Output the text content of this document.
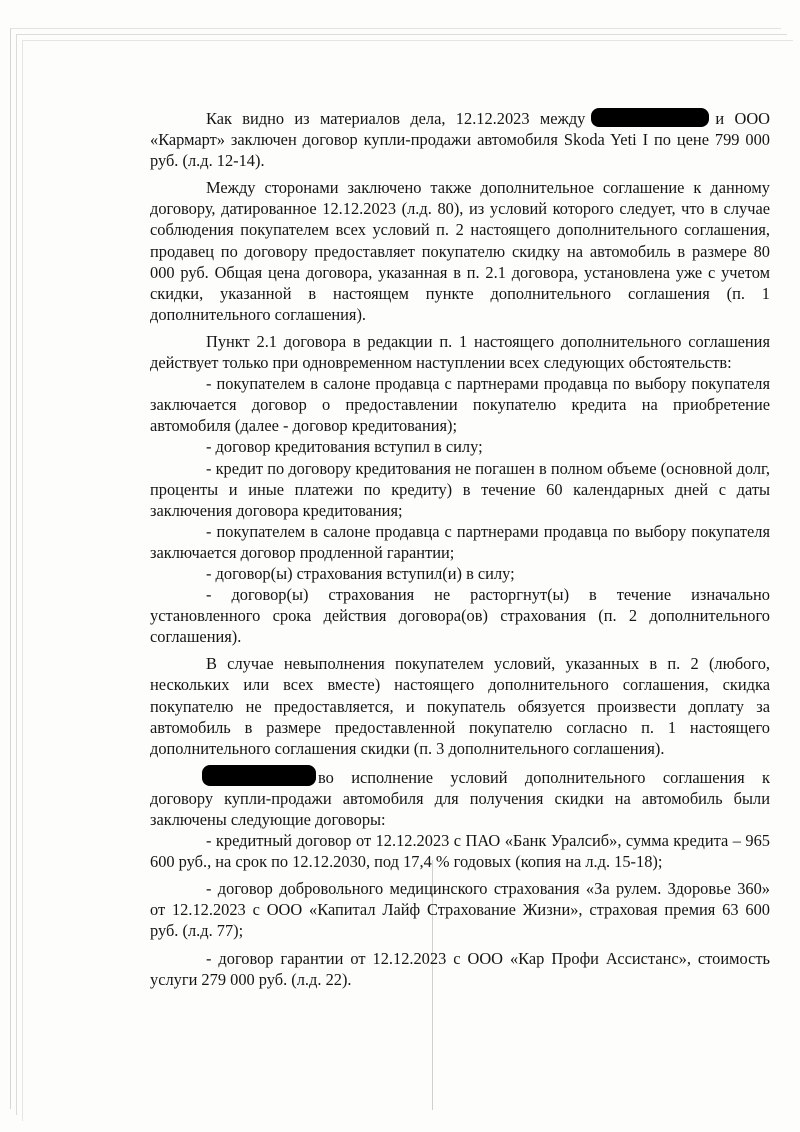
Как видно из материалов дела, 12.12.2023 между	и ООО «Кармарт» заключен договор купли-продажи автомобиля Skoda Yeti I по цене 799 000 руб. (л.д. 12-14).

Между сторонами заключено также дополнительное соглашение к данному договору, датированное 12.12.2023 (л.д. 80), из условий которого следует, что в случае соблюдения покупателем всех условий п. 2 настоящего дополнительного соглашения, продавец по договору предоставляет покупателю скидку на автомобиль в размере 80 000 руб. Общая цена договора, указанная в п. 2.1 договора, установлена уже с учетом скидки, указанной в настоящем пункте дополнительного соглашения (п. 1 дополнительного соглашения).

Пункт 2.1 договора в редакции п. 1 настоящего дополнительного соглашения действует только при одновременном наступлении всех следующих обстоятельств:

- покупателем в салоне продавца с партнерами продавца по выбору покупателя заключается договор о предоставлении покупателю кредита на приобретение автомобиля (далее - договор кредитования);

- договор кредитования вступил в силу;

- кредит по договору кредитования не погашен в полном объеме (основной долг, проценты и иные платежи по кредиту) в течение 60 календарных дней с даты заключения договора кредитования;

- покупателем в салоне продавца с партнерами продавца по выбору покупателя заключается договор продленной гарантии;

- договор(ы) страхования вступил(и) в силу;

- договор(ы) страхования не расторгнут(ы) в течение изначально установленного срока действия договора(ов) страхования (п. 2 дополнительного соглашения).

В случае невыполнения покупателем условий, указанных в п. 2 (любого, нескольких или всех вместе) настоящего дополнительного соглашения, скидка покупателю не предоставляется, и покупатель обязуется произвести доплату за автомобиль в размере предоставленной покупателю согласно п. 1 настоящего дополнительного соглашения скидки (п. 3 дополнительного соглашения).

во исполнение условий дополнительного соглашения к договору купли-продажи автомобиля для получения скидки на автомобиль были заключены следующие договоры:

- кредитный договор от 12.12.2023 с ПАО «Банк Уралсиб», сумма кредита – 965 600 руб., на срок по 12.12.2030, под 17,4 % годовых (копия на л.д. 15-18);

- договор добровольного медицинского страхования «За рулем. Здоровье 360» от 12.12.2023 с ООО «Капитал Лайф Страхование Жизни», страховая премия 63 600 руб. (л.д. 77);

- договор гарантии от 12.12.2023 с ООО «Кар Профи Ассистанс», стоимость услуги 279 000 руб. (л.д. 22).
